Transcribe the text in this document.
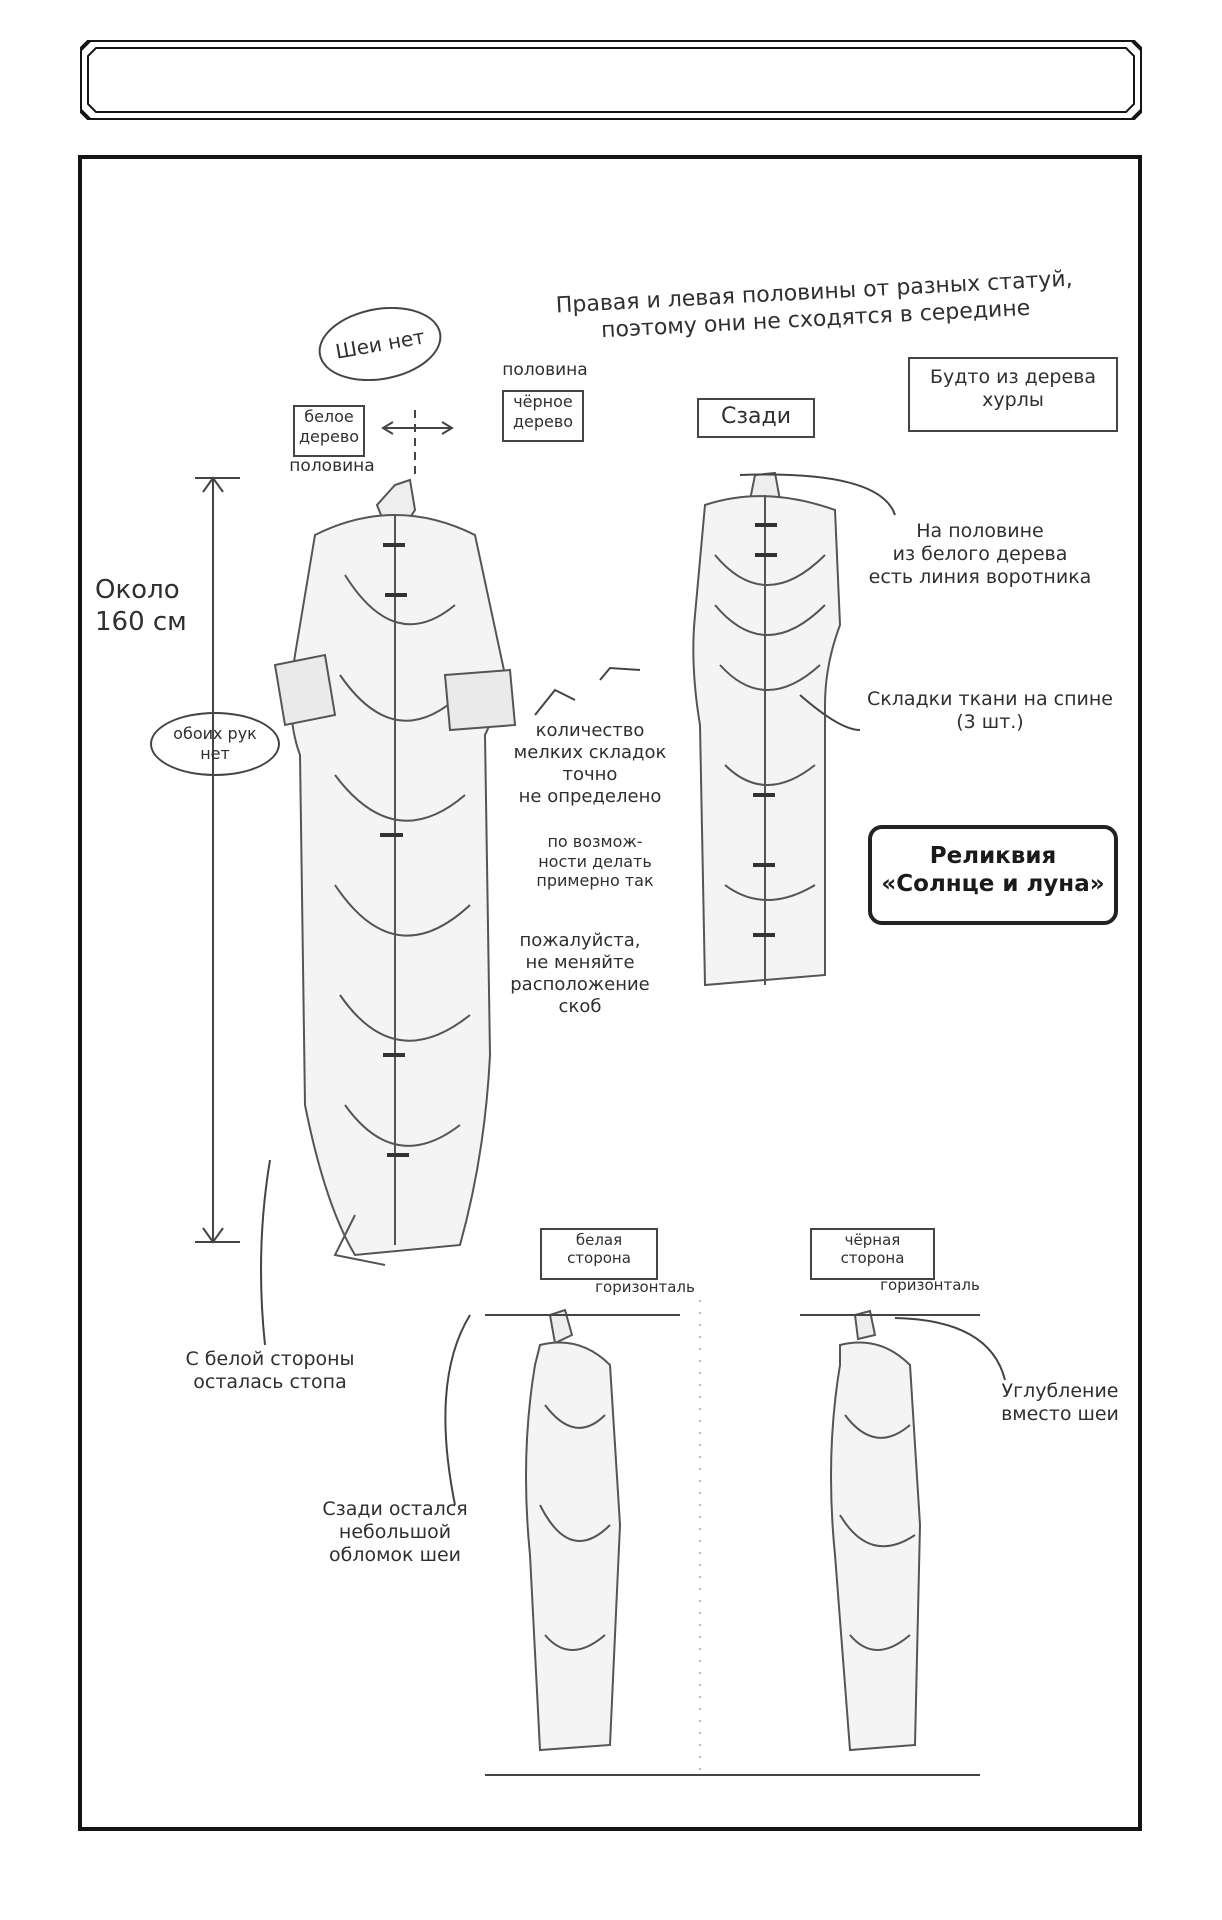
Правая и левая половины от разных статуй,
поэтому они не сходятся в середине
Шеи нет
половина
белое
дерево
половина
чёрное
дерево	Сзади
Будто из дерева
хурлы
Около
160 см
обоих рук
нет
На половине
из белого дерева
есть линия воротника
количество
мелких складок
точно
не определено
Складки ткани на спине
(3 шт.)
по возмож-
ности делать
примерно так
пожалуйста,
не меняйте
расположение
скоб
Реликвия
«Солнце и луна»
белая
сторона
горизонталь
чёрная
сторона
горизонталь
С белой стороны
осталась стопа
Сзади остался
небольшой
обломок шеи
Углубление
вместо шеи
